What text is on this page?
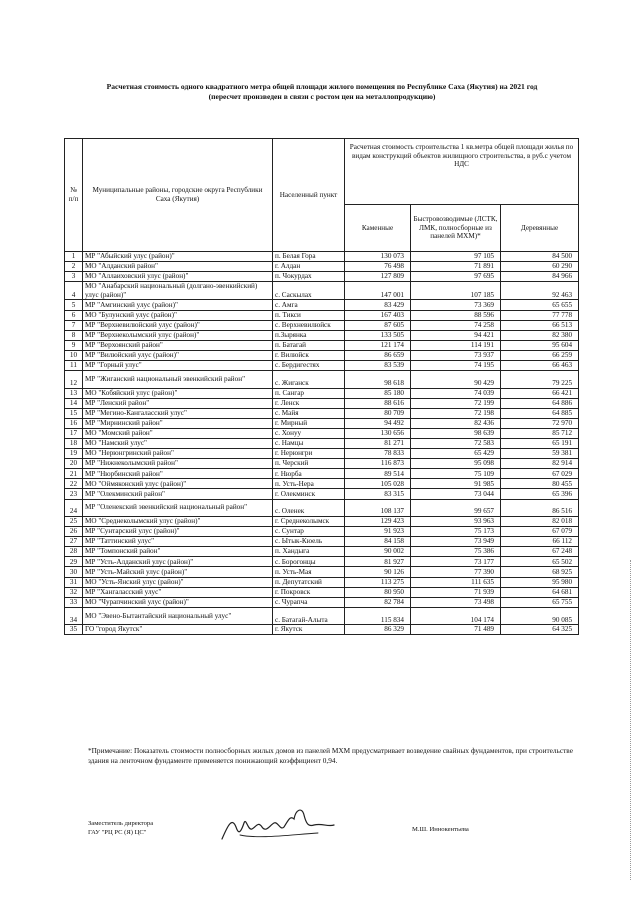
Расчетная стоимость одного квадратного метра общей площади жилого помещения по Республике Саха (Якутия) на 2021 год
(пересчет произведен в связи с ростом цен на металлопродукцию)
№ п/п	Муниципальные районы, городские округа Республики Саха (Якутия)	Населенный пункт	Расчетная стоимость строительства 1 кв.метра общей площади жилья по видам конструкций объектов жилищного строительства, в руб.с учетом НДС		
			Каменные	Быстровозводимые (ЛСТК, ЛМК, полносборные из панелей МХМ)*	Деревянные
1	МР "Абыйский улус (район)"	п. Белая Гора	130 073	97 105	84 500
2	МО "Алданский район"	г. Алдан	76 498	71 891	60 290
3	МО "Аллаиховский улус (район)"	п. Чокурдах	127 809	97 695	84 966
4	МО "Анабарский национальный (долгано-эвенкийский) улус (район)"	с. Саскылах	147 001	107 185	92 463
5	МР "Амгинский улус (район)"	с. Амга	83 429	73 369	65 655
6	МО "Булунский улус (район)"	п. Тикси	167 403	88 596	77 778
7	МР "Верхневилюйский улус (район)"	с. Верхневилюйск	87 605	74 258	66 513
8	МР "Верхнеколымский улус (район)"	п.Зырянка	133 505	94 421	82 380
9	МР "Верхоянский район"	п. Батагай	121 174	114 191	95 604
10	МР "Вилюйский улус (район)"	г. Вилюйск	86 659	73 937	66 259
11	МР "Горный улус"	с. Бердигестях	83 539	74 195	66 463
12	МР "Жиганский национальный эвенкийский район"	с. Жиганск	98 618	90 429	79 225
13	МО "Кобяйский улус (район)"	п. Сангар	85 180	74 039	66 421
14	МР "Ленский район"	г. Ленск	88 616	72 199	64 886
15	МР "Мегино-Кангаласский улус"	с. Майя	80 709	72 198	64 885
16	МР "Мирнинский район"	г. Мирный	94 492	82 436	72 970
17	МО "Момский район"	с. Хонуу	130 656	98 639	85 712
18	МО "Намский улус"	с. Намцы	81 271	72 583	65 191
19	МО "Нерюнгринский район"	г. Нерюнгри	78 833	65 429	59 381
20	МР "Нижнеколымский район"	п. Черский	116 873	95 098	82 914
21	МР "Нюрбинский район"	г. Нюрба	89 514	75 109	67 029
22	МО "Оймяконский улус (район)"	п. Усть-Нера	105 028	91 985	80 455
23	МР "Олекминский район"	г. Олекминск	83 315	73 044	65 396
24	МР "Оленекский эвенкийский национальный район"	с. Оленек	108 137	99 657	86 516
25	МО "Среднеколымский улус (район)"	г. Среднеколымск	129 423	93 963	82 018
26	МР "Сунтарский улус (район)"	с. Сунтар	91 923	75 173	67 079
27	МР "Таттинский улус"	с. Ытык-Кюель	84 158	73 949	66 112
28	МР "Томпонский район"	п. Хандыга	90 002	75 386	67 248
29	МР "Усть-Алданский улус (район)"	с. Борогонцы	81 927	73 177	65 502
30	МР "Усть-Майский улус (район)"	п. Усть-Мая	90 126	77 390	68 925
31	МО "Усть-Янский улус (район)"	п. Депутатский	113 275	111 635	95 980
32	МР "Хангаласский улус"	г. Покровск	80 950	71 939	64 681
33	МО "Чурапчинский улус (район)"	с. Чурапча	82 784	73 498	65 755
34	МО "Эвено-Бытантайский национальный улус"	с. Батагай-Алыта	115 834	104 174	90 085
35	ГО "город Якутск"	г. Якутск	86 329	71 489	64 325
*Примечание: Показатель стоимости полносборных жилых домов из панелей МХМ предусматривает возведение свайных фундаментов, при строительстве здания на ленточном фундаменте применяется понижающий коэффициент 0,94.
Заместитель директора
ГАУ "РЦ РС (Я) ЦС"	М.Ш. Иннокентьева
